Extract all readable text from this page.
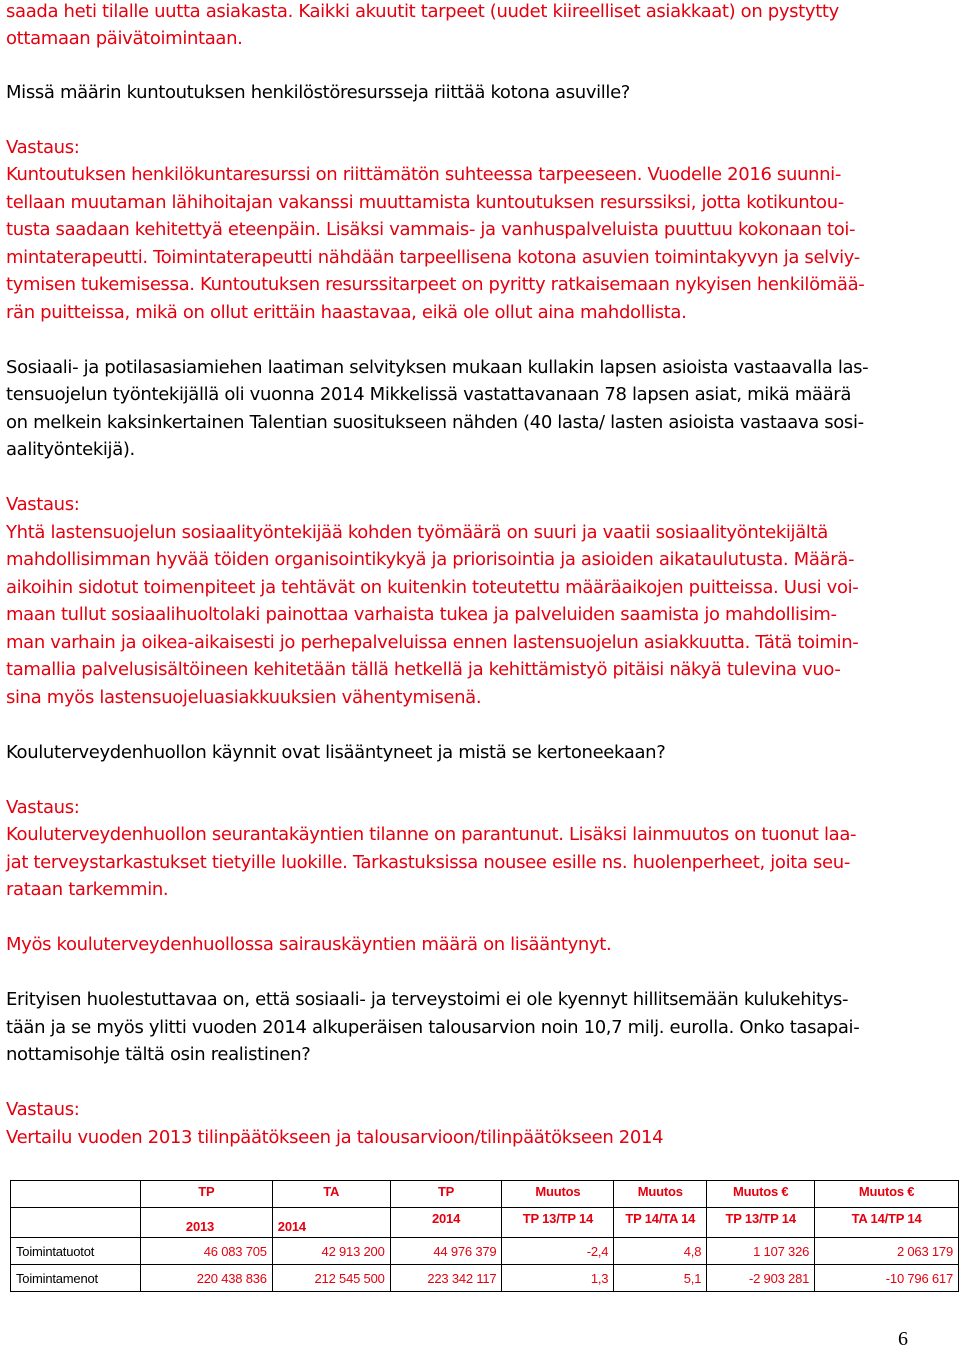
saada heti tilalle uutta asiakasta. Kaikki akuutit tarpeet (uudet kiireelliset asiakkaat) on pystytty

ottamaan päivätoimintaan.

Missä määrin kuntoutuksen henkilöstöresursseja riittää kotona asuville?

Vastaus:

Kuntoutuksen henkilökuntaresurssi on riittämätön suhteessa tarpeeseen. Vuodelle 2016 suunni-

tellaan muutaman lähihoitajan vakanssi muuttamista kuntoutuksen resurssiksi, jotta kotikuntou-

tusta saadaan kehitettyä eteenpäin. Lisäksi vammais- ja vanhuspalveluista puuttuu kokonaan toi-

mintaterapeutti. Toimintaterapeutti nähdään tarpeellisena kotona asuvien toimintakyvyn ja selviy-

tymisen tukemisessa. Kuntoutuksen resurssitarpeet on pyritty ratkaisemaan nykyisen henkilömää-

rän puitteissa, mikä on ollut erittäin haastavaa, eikä ole ollut aina mahdollista.

Sosiaali- ja potilasasiamiehen laatiman selvityksen mukaan kullakin lapsen asioista vastaavalla las-

tensuojelun työntekijällä oli vuonna 2014 Mikkelissä vastattavanaan 78 lapsen asiat, mikä määrä

on melkein kaksinkertainen Talentian suositukseen nähden (40 lasta/ lasten asioista vastaava sosi-

aalityöntekijä).

Vastaus:

Yhtä lastensuojelun sosiaalityöntekijää kohden työmäärä on suuri ja vaatii sosiaalityöntekijältä

mahdollisimman hyvää töiden organisointikykyä ja priorisointia ja asioiden aikataulutusta. Määrä-

aikoihin sidotut toimenpiteet ja tehtävät on kuitenkin toteutettu määräaikojen puitteissa. Uusi voi-

maan tullut sosiaalihuoltolaki painottaa varhaista tukea ja palveluiden saamista jo mahdollisim-

man varhain ja oikea-aikaisesti jo perhepalveluissa ennen lastensuojelun asiakkuutta. Tätä toimin-

tamallia palvelusisältöineen kehitetään tällä hetkellä ja kehittämistyö pitäisi näkyä tulevina vuo-

sina myös lastensuojeluasiakkuuksien vähentymisenä.

Kouluterveydenhuollon käynnit ovat lisääntyneet ja mistä se kertoneekaan?

Vastaus:

Kouluterveydenhuollon seurantakäyntien tilanne on parantunut. Lisäksi lainmuutos on tuonut laa-

jat terveystarkastukset tietyille luokille. Tarkastuksissa nousee esille ns. huolenperheet, joita seu-

rataan tarkemmin.

Myös kouluterveydenhuollossa sairauskäyntien määrä on lisääntynyt.

Erityisen huolestuttavaa on, että sosiaali- ja terveystoimi ei ole kyennyt hillitsemään kulukehitys-

tään ja se myös ylitti vuoden 2014 alkuperäisen talousarvion noin 10,7 milj. eurolla. Onko tasapai-

nottamisohje tältä osin realistinen?

Vastaus:

Vertailu vuoden 2013 tilinpäätökseen ja talousarvioon/tilinpäätökseen 2014

	TP	TA	TP	Muutos	Muutos	Muutos €	Muutos €
	2013	2014	2014	TP 13/TP 14	TP 14/TA 14	TP 13/TP 14	TA 14/TP 14
Toimintatuotot	46 083 705	42 913 200	44 976 379	-2,4	4,8	1 107 326	2 063 179
Toimintamenot	220 438 836	212 545 500	223 342 117	1,3	5,1	-2 903 281	-10 796 617
6
